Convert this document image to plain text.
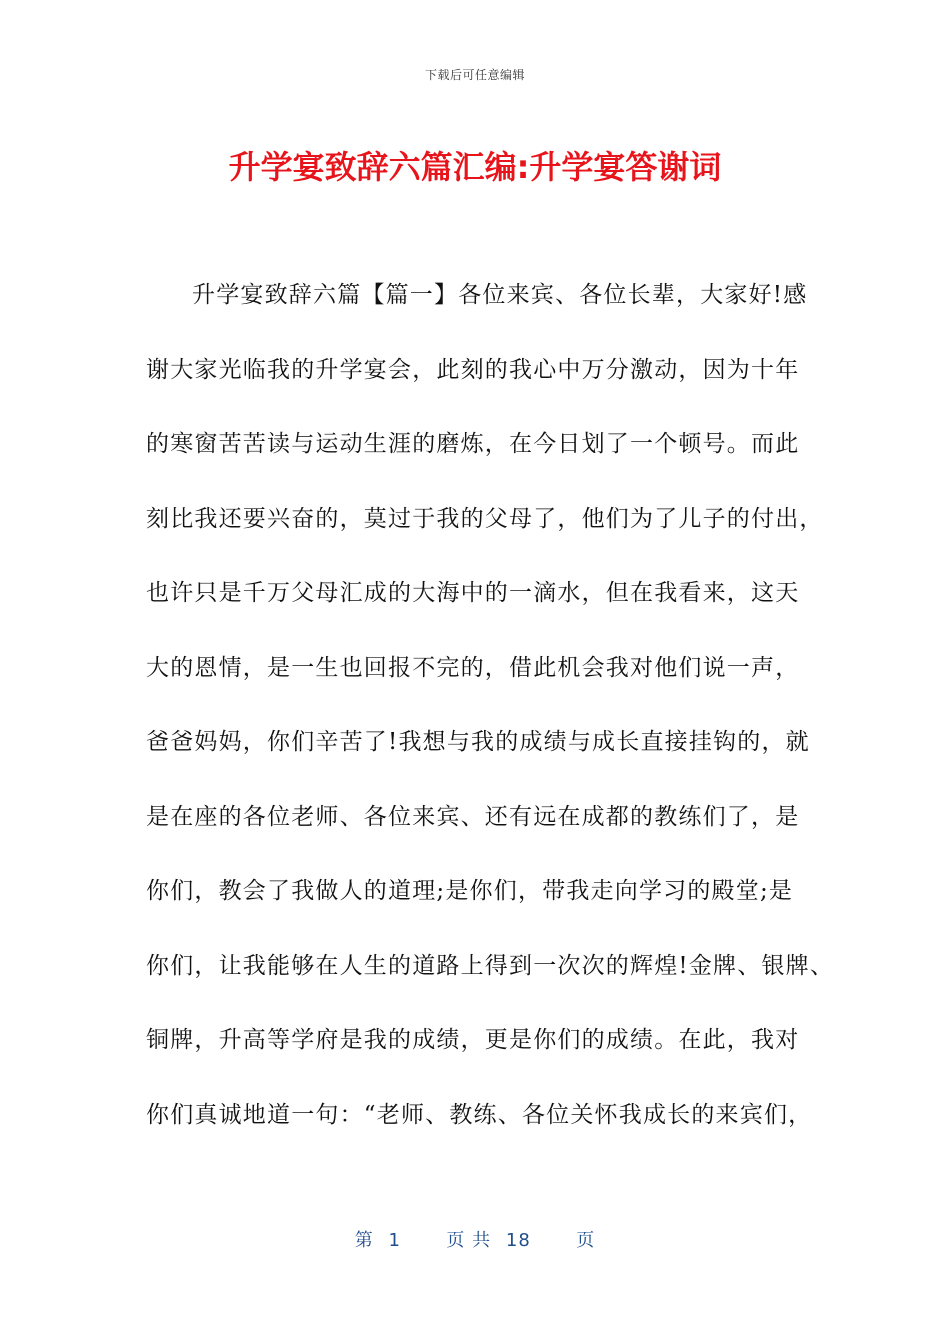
下载后可任意编辑
升学宴致辞六篇汇编:升学宴答谢词
升学宴致辞六篇【篇一】各位来宾、各位长辈，大家好!感
谢大家光临我的升学宴会，此刻的我心中万分激动，因为十年
的寒窗苦苦读与运动生涯的磨炼，在今日划了一个顿号。而此
刻比我还要兴奋的，莫过于我的父母了，他们为了儿子的付出，
也许只是千万父母汇成的大海中的一滴水，但在我看来，这天
大的恩情，是一生也回报不完的，借此机会我对他们说一声，
爸爸妈妈，你们辛苦了!我想与我的成绩与成长直接挂钩的，就
是在座的各位老师、各位来宾、还有远在成都的教练们了，是
你们，教会了我做人的道理;是你们，带我走向学习的殿堂;是
你们，让我能够在人生的道路上得到一次次的辉煌!金牌、银牌、
铜牌，升高等学府是我的成绩，更是你们的成绩。在此，我对
你们真诚地道一句：“老师、教练、各位关怀我成长的来宾们，
第 1	页 共 18	页
